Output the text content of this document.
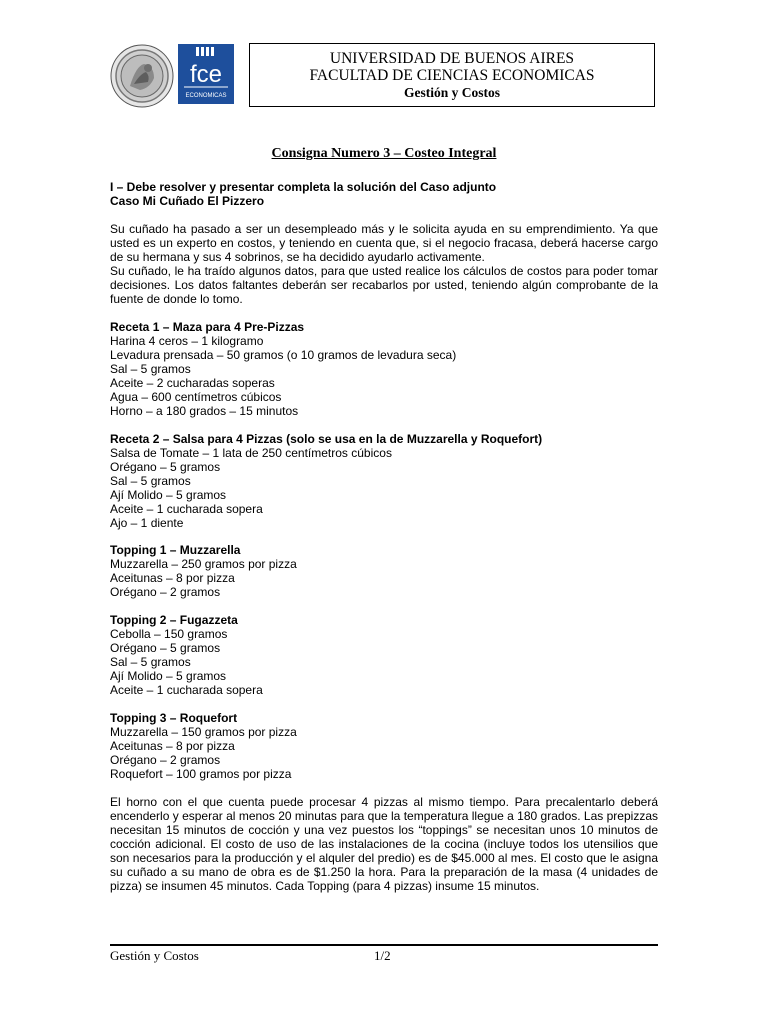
fce
ECONOMICAS
UNIVERSIDAD DE BUENOS AIRES
FACULTAD DE CIENCIAS ECONOMICAS
Gestión y Costos
Consigna Numero 3 – Costeo Integral

I – Debe resolver y presentar completa la solución del Caso adjunto

Caso Mi Cuñado El Pizzero

Su cuñado ha pasado a ser un desempleado más y le solicita ayuda en su emprendimiento. Ya que usted es un experto en costos, y teniendo en cuenta que, si el negocio fracasa, deberá hacerse cargo de su hermana y sus 4 sobrinos, se ha decidido ayudarlo activamente.

Su cuñado, le ha traído algunos datos, para que usted realice los cálculos de costos para poder tomar decisiones. Los datos faltantes deberán ser recabarlos por usted, teniendo algún comprobante de la fuente de donde lo tomo.

Receta 1 – Maza para 4 Pre-Pizzas

Harina 4 ceros – 1 kilogramo

Levadura prensada – 50 gramos (o 10 gramos de levadura seca)

Sal – 5 gramos

Aceite – 2 cucharadas soperas

Agua – 600 centímetros cúbicos

Horno – a 180 grados – 15 minutos

Receta 2 – Salsa para 4 Pizzas (solo se usa en la de Muzzarella y Roquefort)

Salsa de Tomate – 1 lata de 250 centímetros cúbicos

Orégano – 5 gramos

Sal – 5 gramos

Ají Molido – 5 gramos

Aceite – 1 cucharada sopera

Ajo – 1 diente

Topping 1 – Muzzarella

Muzzarella – 250 gramos por pizza

Aceitunas – 8 por pizza

Orégano – 2 gramos

Topping 2 – Fugazzeta

Cebolla – 150 gramos

Orégano – 5 gramos

Sal – 5 gramos

Ají Molido – 5 gramos

Aceite – 1 cucharada sopera

Topping 3 – Roquefort

Muzzarella – 150 gramos por pizza

Aceitunas – 8 por pizza

Orégano – 2 gramos

Roquefort – 100 gramos por pizza

El horno con el que cuenta puede procesar 4 pizzas al mismo tiempo. Para precalentarlo deberá encenderlo y esperar al menos 20 minutas para que la temperatura llegue a 180 grados. Las prepizzas necesitan 15 minutos de cocción y una vez puestos los “toppings” se necesitan unos 10 minutos de cocción adicional. El costo de uso de las instalaciones de la cocina (incluye todos los utensilios que son necesarios para la producción y el alquler del predio) es de $45.000 al mes. El costo que le asigna su cuñado a su mano de obra es de $1.250 la hora. Para la preparación de la masa (4 unidades de pizza) se insumen 45 minutos. Cada Topping (para 4 pizzas) insume 15 minutos.
Gestión y Costos	1/2
